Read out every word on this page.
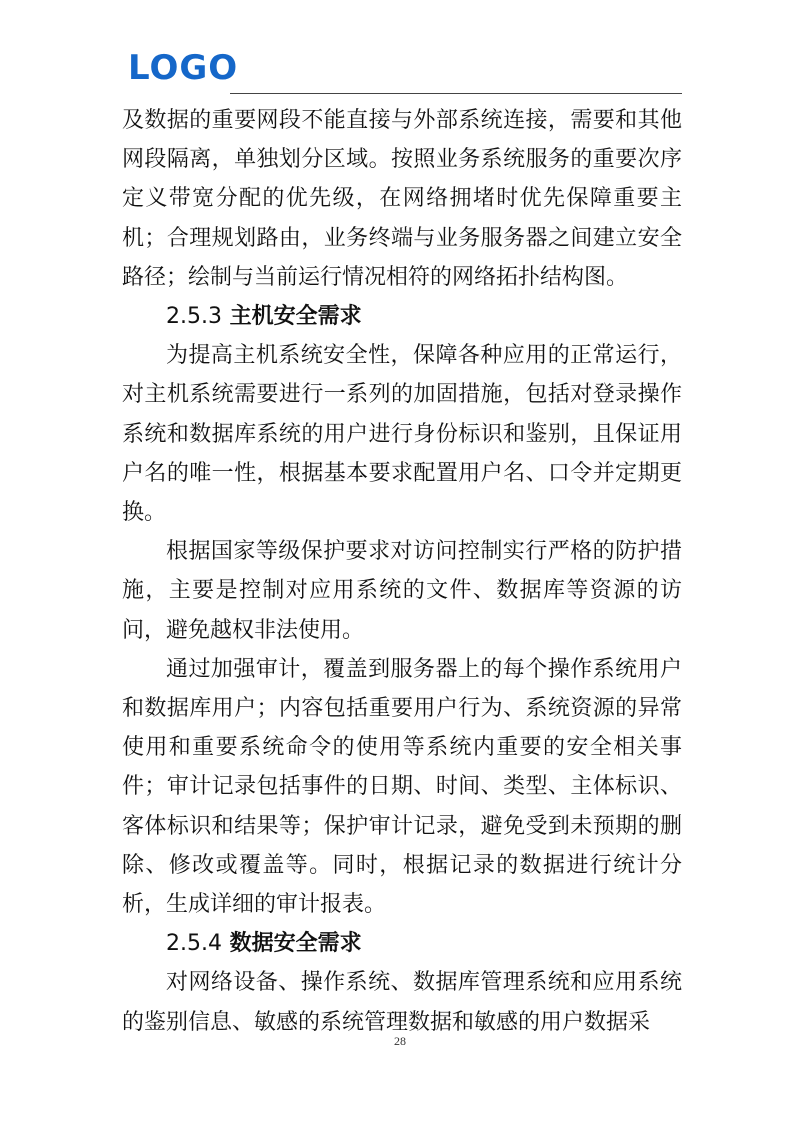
LOGO

及数据的重要网段不能直接与外部系统连接，需要和其他网段隔离，单独划分区域。按照业务系统服务的重要次序定义带宽分配的优先级，在网络拥堵时优先保障重要主机；合理规划路由，业务终端与业务服务器之间建立安全路径；绘制与当前运行情况相符的网络拓扑结构图。

2.5.3 主机安全需求

为提高主机系统安全性，保障各种应用的正常运行，对主机系统需要进行一系列的加固措施，包括对登录操作系统和数据库系统的用户进行身份标识和鉴别，且保证用户名的唯一性，根据基本要求配置用户名、口令并定期更换。

根据国家等级保护要求对访问控制实行严格的防护措施，主要是控制对应用系统的文件、数据库等资源的访问，避免越权非法使用。

通过加强审计，覆盖到服务器上的每个操作系统用户和数据库用户；内容包括重要用户行为、系统资源的异常使用和重要系统命令的使用等系统内重要的安全相关事件；审计记录包括事件的日期、时间、类型、主体标识、客体标识和结果等；保护审计记录，避免受到未预期的删除、修改或覆盖等。同时，根据记录的数据进行统计分析，生成详细的审计报表。

2.5.4 数据安全需求

对网络设备、操作系统、数据库管理系统和应用系统的鉴别信息、敏感的系统管理数据和敏感的用户数据采

28
